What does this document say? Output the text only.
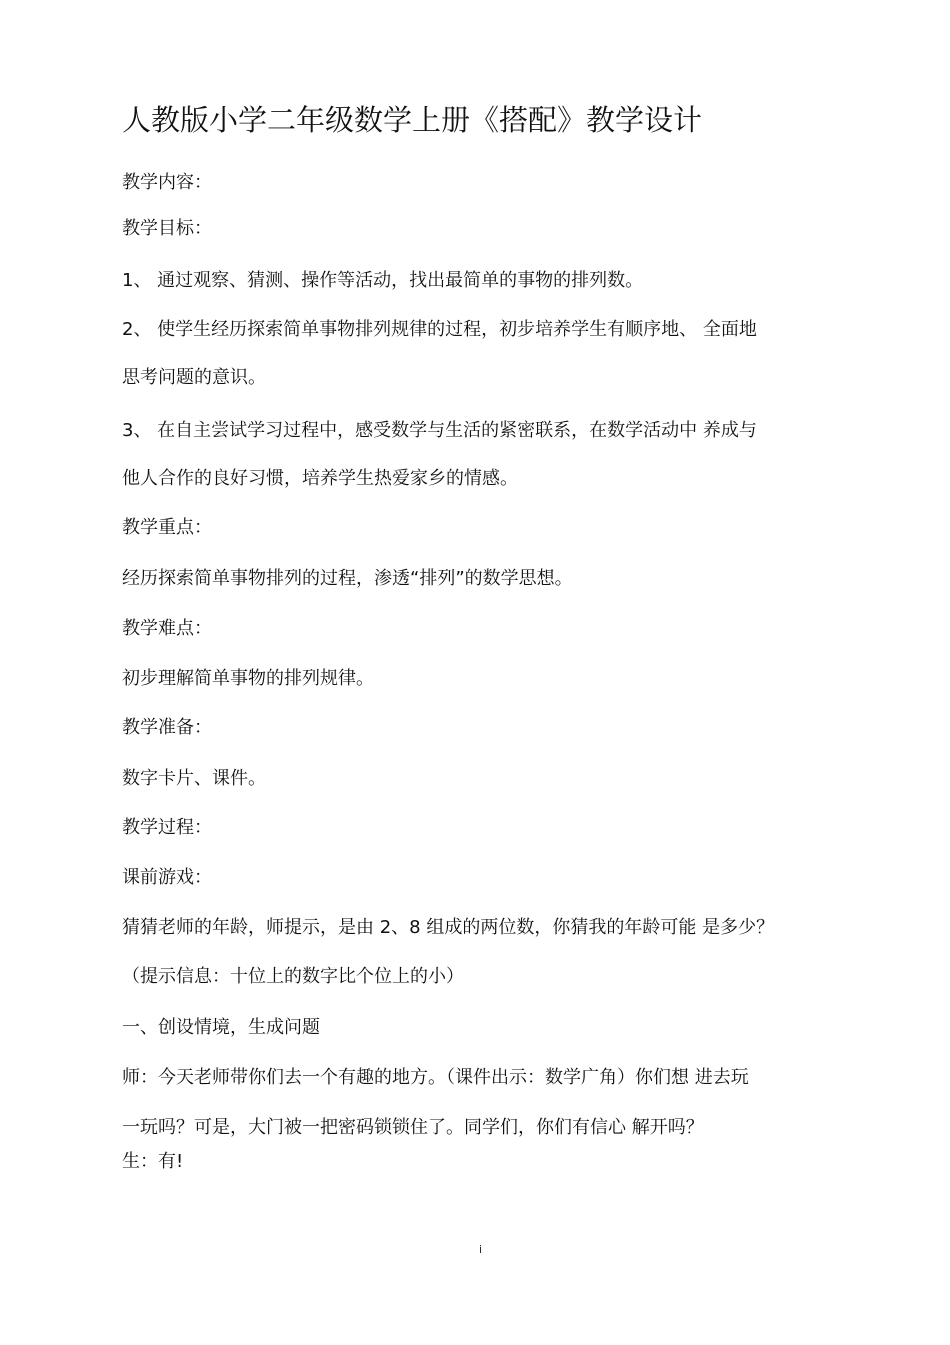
人教版小学二年级数学上册《搭配》教学设计

教学内容：

教学目标：

1、 通过观察、猜测、操作等活动，找出最简单的事物的排列数。

2、 使学生经历探索简单事物排列规律的过程，初步培养学生有顺序地、 全面地

思考问题的意识。

3、 在自主尝试学习过程中，感受数学与生活的紧密联系，在数学活动中 养成与

他人合作的良好习惯，培养学生热爱家乡的情感。

教学重点：

经历探索简单事物排列的过程，渗透“排列”的数学思想。

教学难点：

初步理解简单事物的排列规律。

教学准备：

数字卡片、课件。

教学过程：

课前游戏：

猜猜老师的年龄，师提示，是由 2、8 组成的两位数，你猜我的年龄可能 是多少？

（提示信息：十位上的数字比个位上的小）

一、创设情境，生成问题

师：今天老师带你们去一个有趣的地方。（课件出示：数学广角）你们想 进去玩

一玩吗？可是，大门被一把密码锁锁住了。同学们，你们有信心 解开吗？

生：有!

i
